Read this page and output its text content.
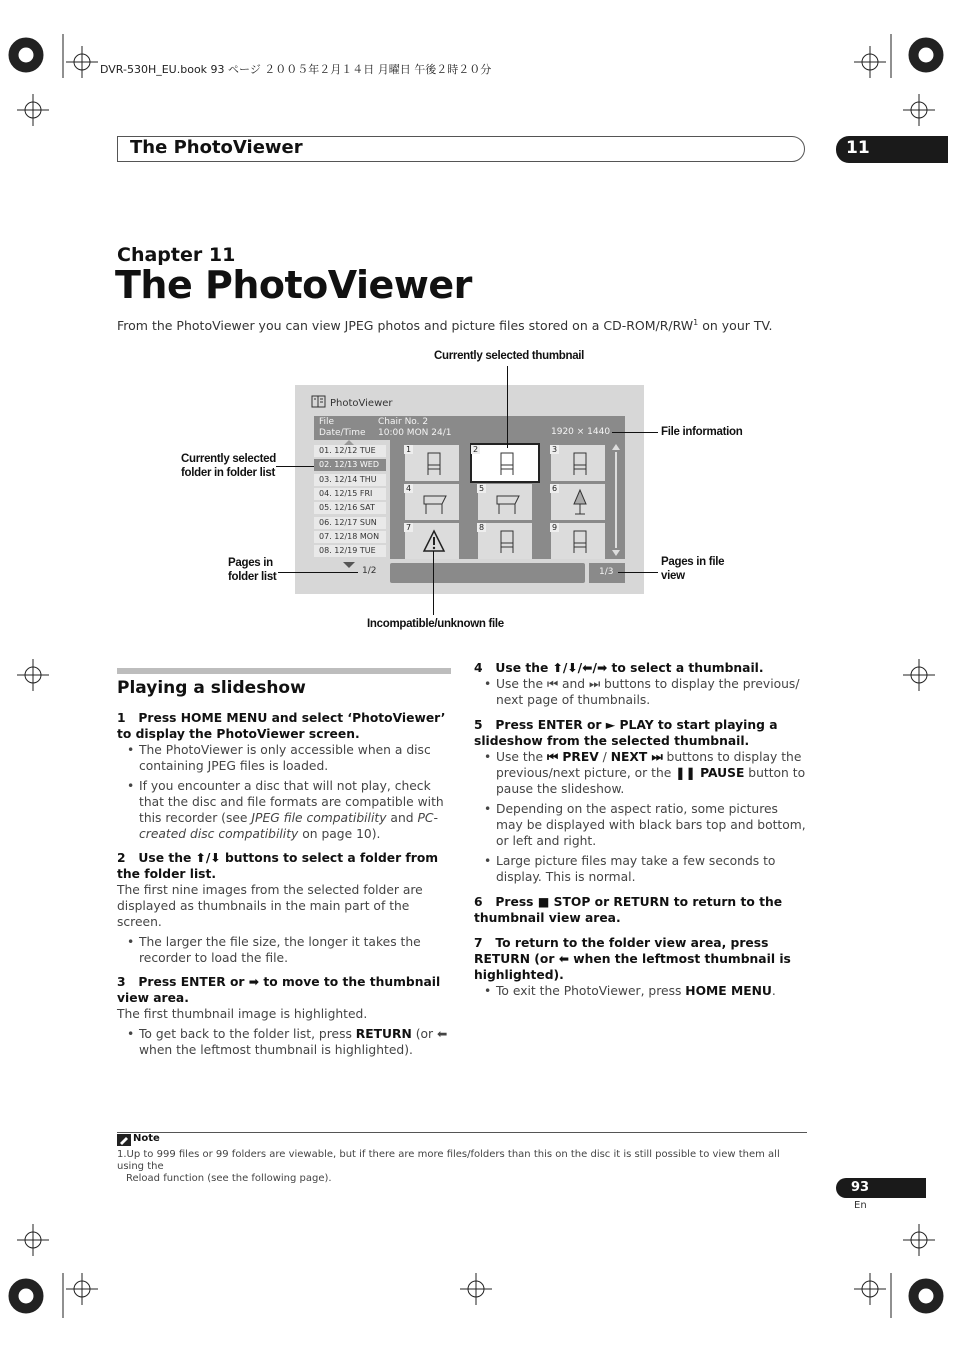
DVR-530H_EU.book 93 ページ ２００５年２月１４日 月曜日 午後２時２０分
The PhotoViewer	11
Chapter 11
The PhotoViewer
From the PhotoViewer you can view JPEG photos and picture files stored on a $CD-ROM/R/RW^1$ on your TV.
PhotoViewer
File	Chair No. 2
Date/Time 10:00 MON 24/1	1920 × 1440
01. 12/12 TUE
02. 12/13 WED
03. 12/14 THU
04. 12/15 FRI
05. 12/16 SAT
06. 12/17 SUN
07. 12/18 MON
08. 12/19 TUE
1/2
1	2	3
4	5	6
7	8	9
1/3
Currently selected thumbnail
File information
Currently selected
folder in folder list
Pages in
folder list
Pages in file
view
Incompatible/unknown file
Playing a slideshow
1 Press HOME MENU and select ‘PhotoViewer’ to display the PhotoViewer screen.
• The PhotoViewer is only accessible when a disc containing JPEG files is loaded.
• If you encounter a disc that will not play, check that the disc and file formats are compatible with this recorder (see JPEG file compatibility and PC-created disc compatibility on page 10).
2 Use the ⬆/⬇ buttons to select a folder from the folder list.
The first nine images from the selected folder are displayed as thumbnails in the main part of the screen.
• The larger the file size, the longer it takes the recorder to load the file.
3 Press ENTER or ➡ to move to the thumbnail view area.
The first thumbnail image is highlighted.
• To get back to the folder list, press RETURN (or ⬅ when the leftmost thumbnail is highlighted).
4 Use the ⬆/⬇/⬅/➡ to select a thumbnail.
• Use the ⏮ and ⏭ buttons to display the previous/ next page of thumbnails.
5 Press ENTER or ► PLAY to start playing a slideshow from the selected thumbnail.
• Use the ⏮ PREV / NEXT ⏭ buttons to display the previous/next picture, or the ❚❚ PAUSE button to pause the slideshow.
• Depending on the aspect ratio, some pictures may be displayed with black bars top and bottom, or left and right.
• Large picture files may take a few seconds to display. This is normal.
6 Press ■ STOP or RETURN to return to the thumbnail view area.
7 To return to the folder view area, press RETURN (or ⬅ when the leftmost thumbnail is highlighted).
• To exit the PhotoViewer, press HOME MENU.
Note
1.Up to 999 files or 99 folders are viewable, but if there are more files/folders than this on the disc it is still possible to view them all using the
Reload function (see the following page).
93
En
